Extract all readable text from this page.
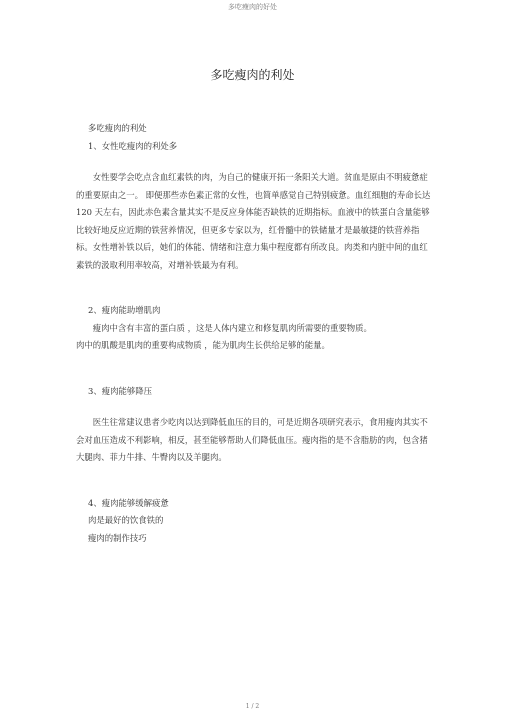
多吃瘦肉的好处
多吃瘦肉的利处

多吃瘦肉的利处

1、女性吃瘦肉的利处多

女性要学会吃点含血红素铁的肉，为自己的健康开拓一条阳关大道。贫血是原由不明疲惫症的重要原由之一。 即便那些赤色素正常的女性，也简单感觉自己特别疲惫。血红细胞的寿命长达 120 天左右，因此赤色素含量其实不是反应身体能否缺铁的近期指标。血液中的铁蛋白含量能够比较好地反应近期的铁营养情况，但更多专家以为，红骨髓中的铁储量才是最敏捷的铁营养指标。女性增补铁以后，她们的体能、情绪和注意力集中程度都有所改良。肉类和内脏中间的血红素铁的汲取利用率较高，对增补铁最为有利。

2、瘦肉能助增肌肉

瘦肉中含有丰富的蛋白质 ，这是人体内建立和修复肌肉所需要的重要物质。

肉中的肌酸是肌肉的重要构成物质 ，能为肌肉生长供给足够的能量。

3、瘦肉能够降压

医生往常建议患者少吃肉以达到降低血压的目的，可是近期各项研究表示，食用瘦肉其实不会对血压造成不利影响，相反，甚至能够帮助人们降低血压。瘦肉指的是不含脂肪的肉，包含猪大腿肉、菲力牛排、牛臀肉以及羊腿肉。

4、瘦肉能够缓解疲惫

肉是最好的饮食铁的

瘦肉的制作技巧

1 / 2
